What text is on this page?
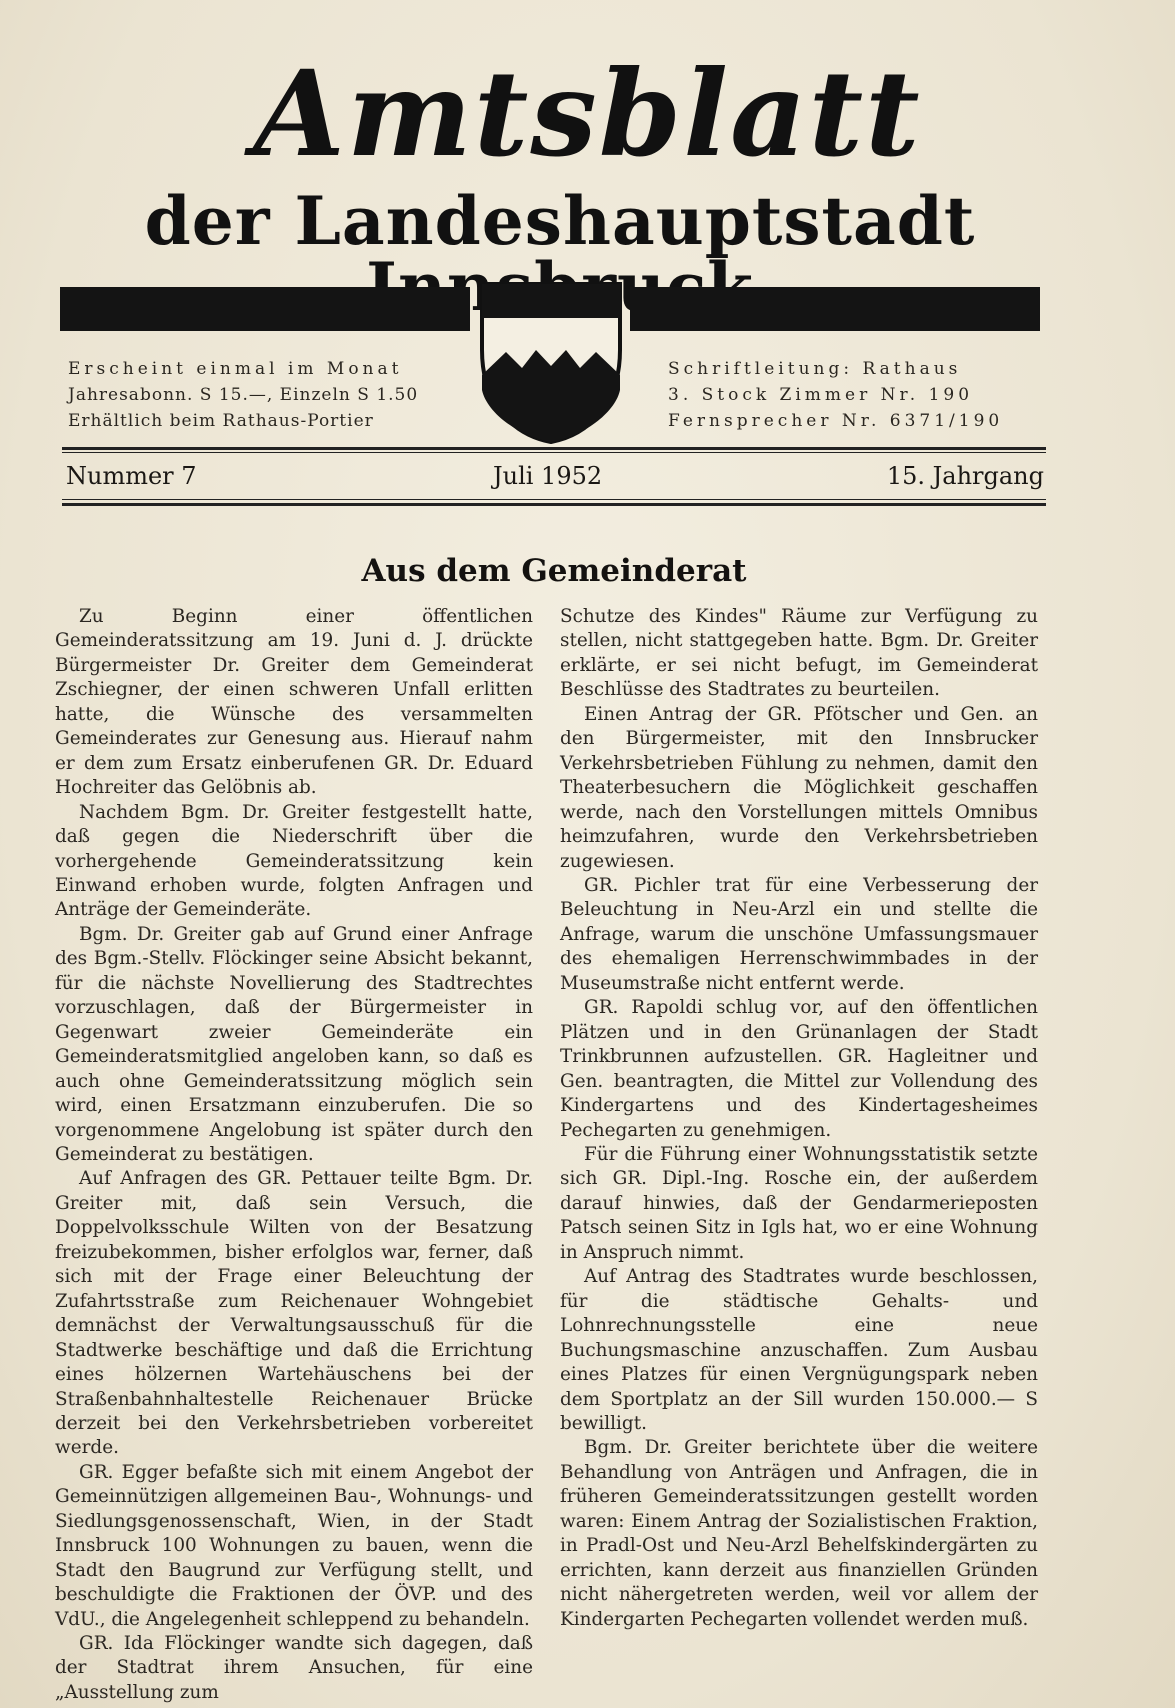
Amtsblatt
der Landeshauptstadt
Erscheint einmal im Monat
Jahresabonn. S 15.—, Einzeln S 1.50
Erhältlich beim Rathaus-Portier
Schriftleitung: Rathaus
3. Stock Zimmer Nr. 190
Fernsprecher Nr. 6371/190
Nummer 7	Juli 1952	15. Jahrgang
Aus dem Gemeinderat

Zu Beginn einer öffentlichen Gemeinderatssitzung am 19. Juni d. J. drückte Bürgermeister Dr. Greiter dem Gemeinderat Zschiegner, der einen schweren Unfall erlitten hatte, die Wünsche des versammelten Gemeinderates zur Genesung aus. Hierauf nahm er dem zum Ersatz einberufenen GR. Dr. Eduard Hochreiter das Gelöbnis ab.

Nachdem Bgm. Dr. Greiter festgestellt hatte, daß gegen die Niederschrift über die vorhergehende Gemeinderatssitzung kein Einwand erhoben wurde, folgten Anfragen und Anträge der Gemeinderäte.

Bgm. Dr. Greiter gab auf Grund einer Anfrage des Bgm.-Stellv. Flöckinger seine Absicht bekannt, für die nächste Novellierung des Stadtrechtes vorzuschlagen, daß der Bürgermeister in Gegenwart zweier Gemeinderäte ein Gemeinderatsmitglied angeloben kann, so daß es auch ohne Gemeinderatssitzung möglich sein wird, einen Ersatzmann einzuberufen. Die so vorgenommene Angelobung ist später durch den Gemeinderat zu bestätigen.

Auf Anfragen des GR. Pettauer teilte Bgm. Dr. Greiter mit, daß sein Versuch, die Doppelvolksschule Wilten von der Besatzung freizubekommen, bisher erfolglos war, ferner, daß sich mit der Frage einer Beleuchtung der Zufahrtsstraße zum Reichenauer Wohngebiet demnächst der Verwaltungsausschuß für die Stadtwerke beschäftige und daß die Errichtung eines hölzernen Wartehäuschens bei der Straßenbahnhaltestelle Reichenauer Brücke derzeit bei den Verkehrsbetrieben vorbereitet werde.

GR. Egger befaßte sich mit einem Angebot der Gemeinnützigen allgemeinen Bau-, Wohnungs- und Siedlungsgenossenschaft, Wien, in der Stadt Innsbruck 100 Wohnungen zu bauen, wenn die Stadt den Baugrund zur Verfügung stellt, und beschuldigte die Fraktionen der ÖVP. und des VdU., die Angelegenheit schleppend zu behandeln.

GR. Ida Flöckinger wandte sich dagegen, daß der Stadtrat ihrem Ansuchen, für eine „Ausstellung zum

Schutze des Kindes" Räume zur Verfügung zu stellen, nicht stattgegeben hatte. Bgm. Dr. Greiter erklärte, er sei nicht befugt, im Gemeinderat Beschlüsse des Stadtrates zu beurteilen.

Einen Antrag der GR. Pfötscher und Gen. an den Bürgermeister, mit den Innsbrucker Verkehrsbetrieben Fühlung zu nehmen, damit den Theaterbesuchern die Möglichkeit geschaffen werde, nach den Vorstellungen mittels Omnibus heimzufahren, wurde den Verkehrsbetrieben zugewiesen.

GR. Pichler trat für eine Verbesserung der Beleuchtung in Neu-Arzl ein und stellte die Anfrage, warum die unschöne Umfassungsmauer des ehemaligen Herrenschwimmbades in der Museumstraße nicht entfernt werde.

GR. Rapoldi schlug vor, auf den öffentlichen Plätzen und in den Grünanlagen der Stadt Trinkbrunnen aufzustellen. GR. Hagleitner und Gen. beantragten, die Mittel zur Vollendung des Kindergartens und des Kindertagesheimes Pechegarten zu genehmigen.

Für die Führung einer Wohnungsstatistik setzte sich GR. Dipl.-Ing. Rosche ein, der außerdem darauf hinwies, daß der Gendarmerieposten Patsch seinen Sitz in Igls hat, wo er eine Wohnung in Anspruch nimmt.

Auf Antrag des Stadtrates wurde beschlossen, für die städtische Gehalts- und Lohnrechnungsstelle eine neue Buchungsmaschine anzuschaffen. Zum Ausbau eines Platzes für einen Vergnügungspark neben dem Sportplatz an der Sill wurden 150.000.— S bewilligt.

Bgm. Dr. Greiter berichtete über die weitere Behandlung von Anträgen und Anfragen, die in früheren Gemeinderatssitzungen gestellt worden waren: Einem Antrag der Sozialistischen Fraktion, in Pradl-Ost und Neu-Arzl Behelfskindergärten zu errichten, kann derzeit aus finanziellen Gründen nicht nähergetreten werden, weil vor allem der Kindergarten Pechegarten vollendet werden muß.
